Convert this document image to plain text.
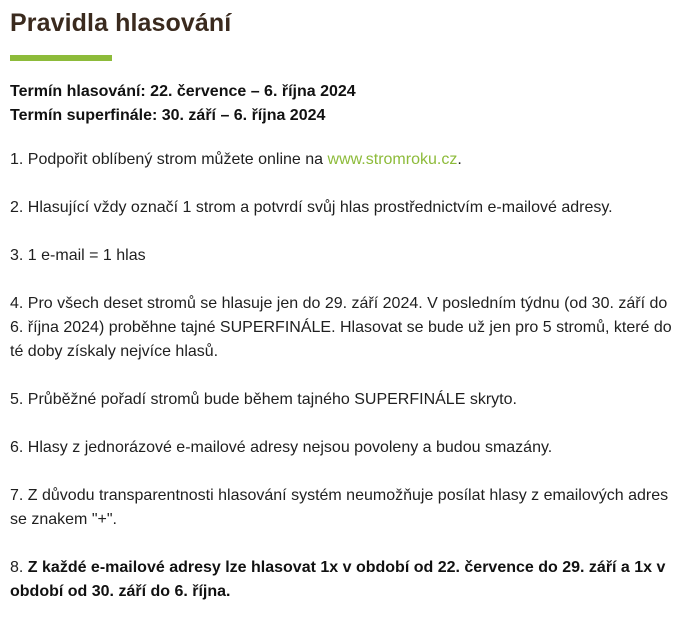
Pravidla hlasování

Termín hlasování: 22. července – 6. října 2024
Termín superfinále: 30. září – 6. října 2024

1. Podpořit oblíbený strom můžete online na www.stromroku.cz.

2. Hlasující vždy označí 1 strom a potvrdí svůj hlas prostřednictvím e-mailové adresy.

3. 1 e-mail = 1 hlas

4. Pro všech deset stromů se hlasuje jen do 29. září 2024. V posledním týdnu (od 30. září do 6. října 2024) proběhne tajné SUPERFINÁLE. Hlasovat se bude už jen pro 5 stromů, které do té doby získaly nejvíce hlasů.

5. Průběžné pořadí stromů bude během tajného SUPERFINÁLE skryto.

6. Hlasy z jednorázové e-mailové adresy nejsou povoleny a budou smazány.

7. Z důvodu transparentnosti hlasování systém neumožňuje posílat hlasy z emailových adres se znakem "+".

8. Z každé e-mailové adresy lze hlasovat 1x v období od 22. července do 29. září a 1x v období od 30. září do 6. října.
